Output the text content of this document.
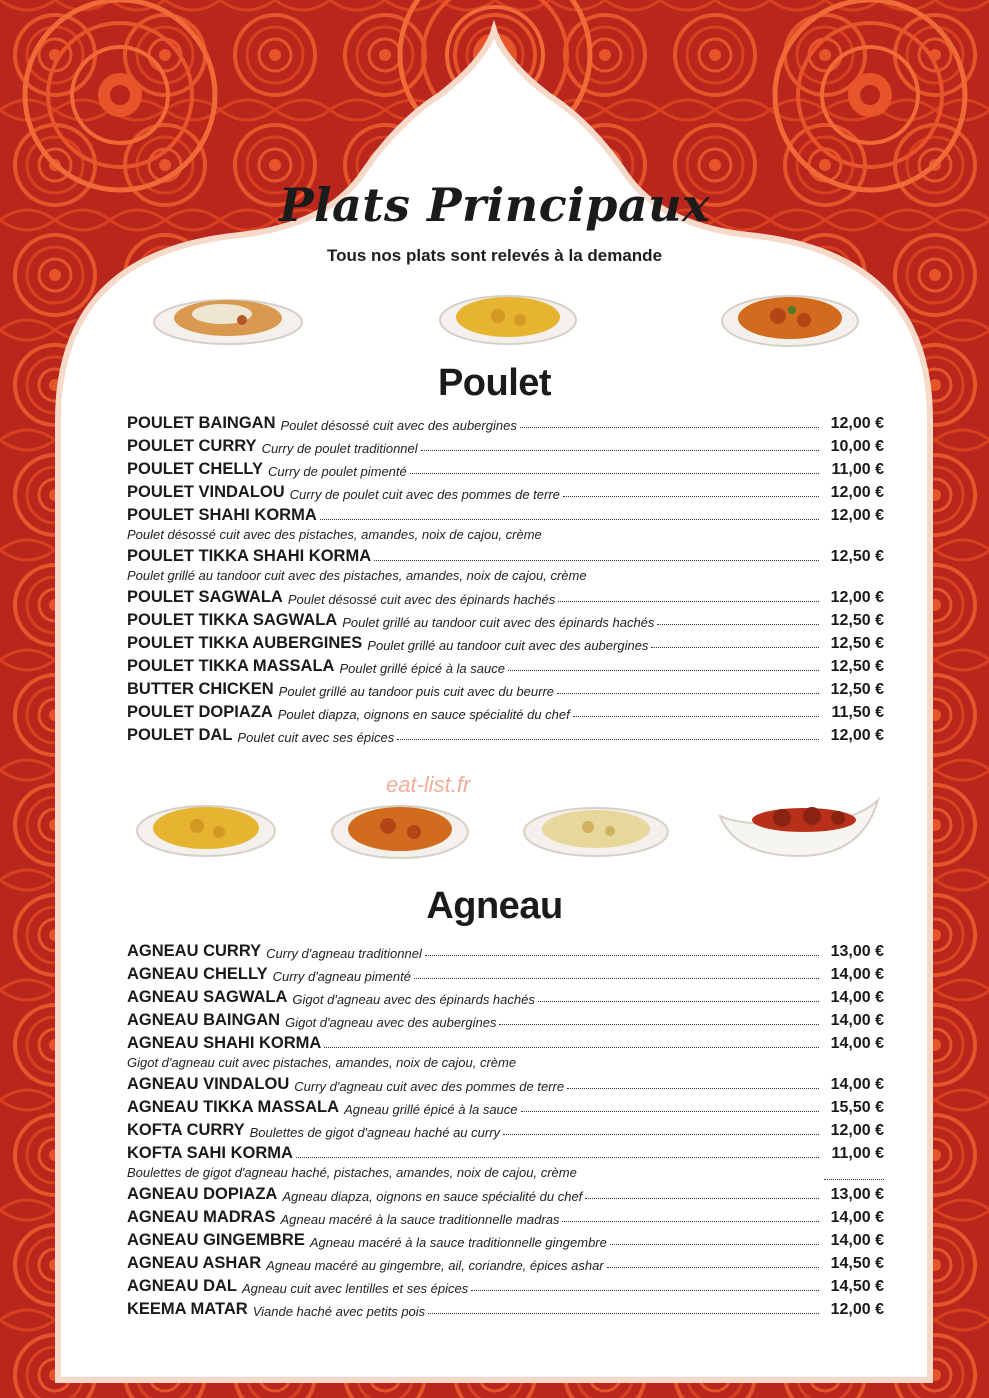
Plats Principaux
Tous nos plats sont relevés à la demande
Poulet
POULET BAINGAN Poulet désossé cuit avec des aubergines	12,00 €
POULET CURRY Curry de poulet traditionnel	10,00 €
POULET CHELLY Curry de poulet pimenté	11,00 €
POULET VINDALOU Curry de poulet cuit avec des pommes de terre	12,00 €
POULET SHAHI KORMA	12,00 €
Poulet désossé cuit avec des pistaches, amandes, noix de cajou, crème
POULET TIKKA SHAHI KORMA	12,50 €
Poulet grillé au tandoor cuit avec des pistaches, amandes, noix de cajou, crème
POULET SAGWALA Poulet désossé cuit avec des épinards hachés	12,00 €
POULET TIKKA SAGWALA Poulet grillé au tandoor cuit avec des épinards hachés	12,50 €
POULET TIKKA AUBERGINES Poulet grillé au tandoor cuit avec des aubergines	12,50 €
POULET TIKKA MASSALA Poulet grillé épicé à la sauce	12,50 €
BUTTER CHICKEN Poulet grillé au tandoor puis cuit avec du beurre	12,50 €
POULET DOPIAZA Poulet diapza, oignons en sauce spécialité du chef	11,50 €
POULET DAL Poulet cuit avec ses épices	12,00 €
eat-list.fr
Agneau
AGNEAU CURRY Curry d'agneau traditionnel	13,00 €
AGNEAU CHELLY Curry d'agneau pimenté	14,00 €
AGNEAU SAGWALA Gigot d'agneau avec des épinards hachés	14,00 €
AGNEAU BAINGAN Gigot d'agneau avec des aubergines	14,00 €
AGNEAU SHAHI KORMA	14,00 €
Gigot d'agneau cuit avec pistaches, amandes, noix de cajou, crème
AGNEAU VINDALOU Curry d'agneau cuit avec des pommes de terre	14,00 €
AGNEAU TIKKA MASSALA Agneau grillé épicé à la sauce	15,50 €
KOFTA CURRY Boulettes de gigot d'agneau haché au curry	12,00 €
KOFTA SAHI KORMA	11,00 €
Boulettes de gigot d'agneau haché, pistaches, amandes, noix de cajou, crème
AGNEAU DOPIAZA Agneau diapza, oignons en sauce spécialité du chef	13,00 €
AGNEAU MADRAS Agneau macéré à la sauce traditionnelle madras	14,00 €
AGNEAU GINGEMBRE Agneau macéré à la sauce traditionnelle gingembre	14,00 €
AGNEAU ASHAR Agneau macéré au gingembre, ail, coriandre, épices ashar	14,50 €
AGNEAU DAL Agneau cuit avec lentilles et ses épices	14,50 €
KEEMA MATAR Viande haché avec petits pois	12,00 €
